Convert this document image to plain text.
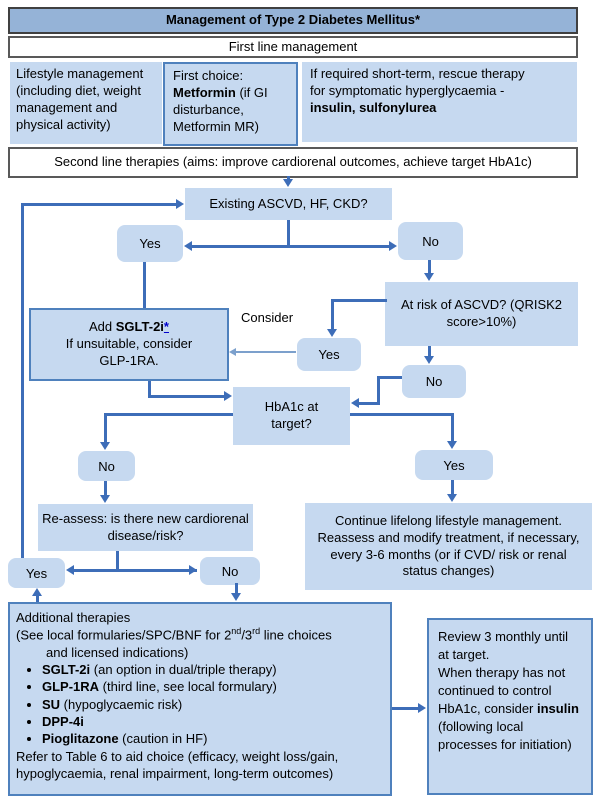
Management of Type 2 Diabetes Mellitus*
First line management
Lifestyle management (including diet, weight management and physical activity)
First choice: Metformin (if GI disturbance, Metformin MR)
If required short-term, rescue therapy for symptomatic hyperglycaemia - insulin, sulfonylurea
Second line therapies (aims: improve cardiorenal outcomes, achieve target HbA1c)
Existing ASCVD, HF, CKD?
Yes	No
At risk of ASCVD? (QRISK2 score>10%)
Consider
Yes
No
Add SGLT-2i*
If unsuitable, consider GLP-1RA.
HbA1c at target?
No	Yes
Re-assess: is there new cardiorenal disease/risk?
Continue lifelong lifestyle management. Reassess and modify treatment, if necessary, every 3-6 months (or if CVD/ risk or renal status changes)
Yes	No
Additional therapies
(See local formularies/SPC/BNF for 2nd/3rd line choices
and licensed indications)
• SGLT-2i (an option in dual/triple therapy)
• GLP-1RA (third line, see local formulary)
• SU (hypoglycaemic risk)
• DPP-4i
• Pioglitazone (caution in HF)
Refer to Table 6 to aid choice (efficacy, weight loss/gain, hypoglycaemia, renal impairment, long-term outcomes)
Review 3 monthly until at target.
When therapy has not continued to control HbA1c, consider insulin (following local processes for initiation)
